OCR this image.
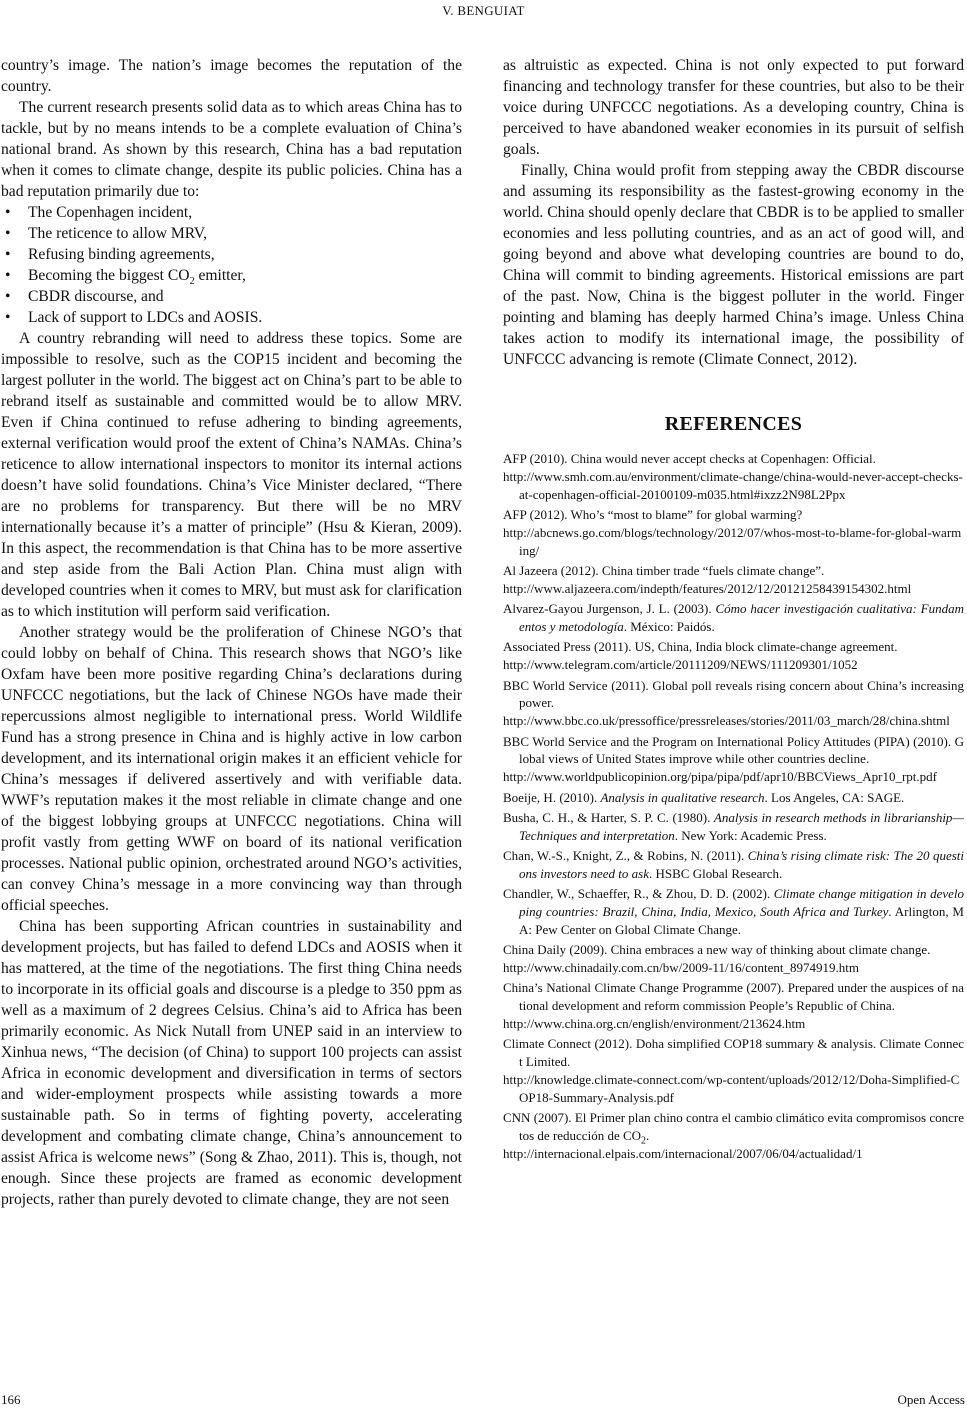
V. BENGUIAT

country’s image. The nation’s image becomes the reputation of the country.

The current research presents solid data as to which areas China has to tackle, but by no means intends to be a complete evaluation of China’s national brand. As shown by this research, China has a bad reputation when it comes to climate change, despite its public policies. China has a bad reputation primarily due to:

• The Copenhagen incident,
• The reticence to allow MRV,
• Refusing binding agreements,
• Becoming the biggest $CO_2$ emitter,
• CBDR discourse, and
• Lack of support to LDCs and AOSIS.

A country rebranding will need to address these topics. Some are impossible to resolve, such as the COP15 incident and becoming the largest polluter in the world. The biggest act on China’s part to be able to rebrand itself as sustainable and committed would be to allow MRV. Even if China continued to refuse adhering to binding agreements, external verification would proof the extent of China’s NAMAs. China’s reticence to allow international inspectors to monitor its internal actions doesn’t have solid foundations. China’s Vice Minister declared, “There are no problems for transparency. But there will be no MRV internationally because it’s a matter of principle” (Hsu & Kieran, 2009). In this aspect, the recommendation is that China has to be more assertive and step aside from the Bali Action Plan. China must align with developed countries when it comes to MRV, but must ask for clarification as to which institution will perform said verification.

Another strategy would be the proliferation of Chinese NGO’s that could lobby on behalf of China. This research shows that NGO’s like Oxfam have been more positive regarding China’s declarations during UNFCCC negotiations, but the lack of Chinese NGOs have made their repercussions almost negligible to international press. World Wildlife Fund has a strong presence in China and is highly active in low carbon development, and its international origin makes it an efficient vehicle for China’s messages if delivered assertively and with verifiable data. WWF’s reputation makes it the most reliable in climate change and one of the biggest lobbying groups at UNFCCC negotiations. China will profit vastly from getting WWF on board of its national verification processes. National public opinion, orchestrated around NGO’s activities, can convey China’s message in a more convincing way than through official speeches.

China has been supporting African countries in sustainability and development projects, but has failed to defend LDCs and AOSIS when it has mattered, at the time of the negotiations. The first thing China needs to incorporate in its official goals and discourse is a pledge to 350 ppm as well as a maximum of 2 degrees Celsius. China’s aid to Africa has been primarily economic. As Nick Nutall from UNEP said in an interview to Xinhua news, “The decision (of China) to support 100 projects can assist Africa in economic development and diversification in terms of sectors and wider-employment prospects while assisting towards a more sustainable path. So in terms of fighting poverty, accelerating development and combating climate change, China’s announcement to assist Africa is welcome news” (Song & Zhao, 2011). This is, though, not enough. Since these projects are framed as economic development projects, rather than purely devoted to climate change, they are not seen

as altruistic as expected. China is not only expected to put forward financing and technology transfer for these countries, but also to be their voice during UNFCCC negotiations. As a developing country, China is perceived to have abandoned weaker economies in its pursuit of selfish goals.

Finally, China would profit from stepping away the CBDR discourse and assuming its responsibility as the fastest-growing economy in the world. China should openly declare that CBDR is to be applied to smaller economies and less polluting countries, and as an act of good will, and going beyond and above what developing countries are bound to do, China will commit to binding agreements. Historical emissions are part of the past. Now, China is the biggest polluter in the world. Finger pointing and blaming has deeply harmed China’s image. Unless China takes action to modify its international image, the possibility of UNFCCC advancing is remote (Climate Connect, 2012).

REFERENCES
AFP (2010). China would never accept checks at Copenhagen: Official.
http://www.smh.com.au/environment/climate-change/china-would-never-accept-checks-at-copenhagen-official-20100109-m035.html#ixzz2N98L2Ppx
AFP (2012). Who’s “most to blame” for global warming?
http://abcnews.go.com/blogs/technology/2012/07/whos-most-to-blame-for-global-warming/
Al Jazeera (2012). China timber trade “fuels climate change”.
http://www.aljazeera.com/indepth/features/2012/12/20121258439154302.html
Alvarez-Gayou Jurgenson, J. L. (2003). Cómo hacer investigación cualitativa: Fundamentos y metodología. México: Paidós.
Associated Press (2011). US, China, India block climate-change agreement.
http://www.telegram.com/article/20111209/NEWS/111209301/1052
BBC World Service (2011). Global poll reveals rising concern about China’s increasing power.
http://www.bbc.co.uk/pressoffice/pressreleases/stories/2011/03_march/28/china.shtml
BBC World Service and the Program on International Policy Attitudes (PIPA) (2010). Global views of United States improve while other countries decline.
http://www.worldpublicopinion.org/pipa/pipa/pdf/apr10/BBCViews_Apr10_rpt.pdf
Boeije, H. (2010). Analysis in qualitative research. Los Angeles, CA: SAGE.
Busha, C. H., & Harter, S. P. C. (1980). Analysis in research methods in librarianship—Techniques and interpretation. New York: Academic Press.
Chan, W.-S., Knight, Z., & Robins, N. (2011). China’s rising climate risk: The 20 questions investors need to ask. HSBC Global Research.
Chandler, W., Schaeffer, R., & Zhou, D. D. (2002). Climate change mitigation in developing countries: Brazil, China, India, Mexico, South Africa and Turkey. Arlington, MA: Pew Center on Global Climate Change.
China Daily (2009). China embraces a new way of thinking about climate change.
http://www.chinadaily.com.cn/bw/2009-11/16/content_8974919.htm
China’s National Climate Change Programme (2007). Prepared under the auspices of national development and reform commission People’s Republic of China.
http://www.china.org.cn/english/environment/213624.htm
Climate Connect (2012). Doha simplified COP18 summary & analysis. Climate Connect Limited.
http://knowledge.climate-connect.com/wp-content/uploads/2012/12/Doha-Simplified-COP18-Summary-Analysis.pdf
CNN (2007). El Primer plan chino contra el cambio climático evita compromisos concretos de reducción de $CO_2$.
http://internacional.elpais.com/internacional/2007/06/04/actualidad/1
166	Open Access
